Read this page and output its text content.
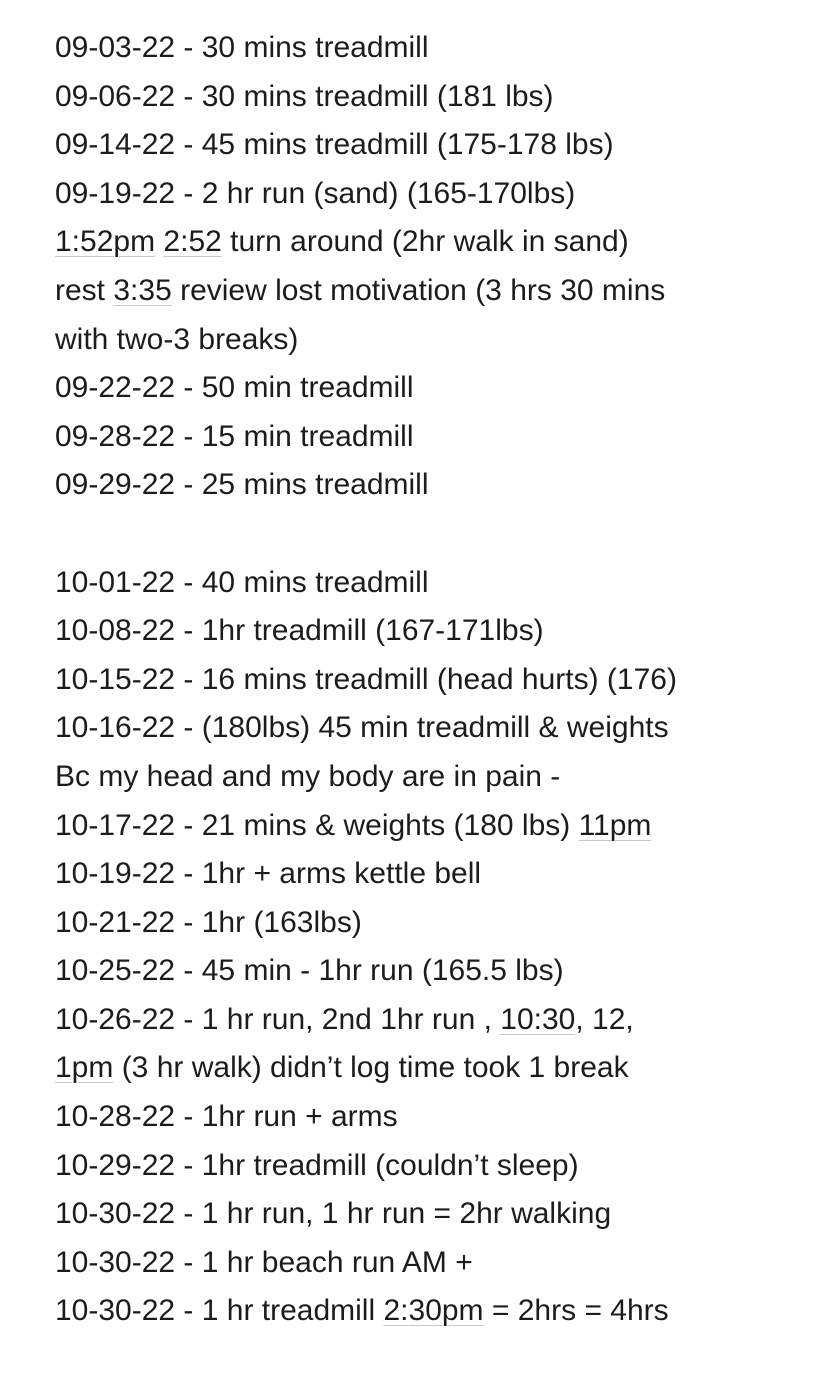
09-03-22 - 30 mins treadmill
09-06-22 - 30 mins treadmill (181 lbs)
09-14-22 - 45 mins treadmill (175-178 lbs)
09-19-22 - 2 hr run (sand) (165-170lbs)
1:52pm 2:52 turn around (2hr walk in sand)
rest 3:35 review lost motivation (3 hrs 30 mins
with two-3 breaks)
09-22-22 - 50 min treadmill
09-28-22 - 15 min treadmill
09-29-22 - 25 mins treadmill
10-01-22 - 40 mins treadmill
10-08-22 - 1hr treadmill (167-171lbs)
10-15-22 - 16 mins treadmill (head hurts) (176)
10-16-22 - (180lbs) 45 min treadmill & weights
Bc my head and my body are in pain -
10-17-22 - 21 mins & weights (180 lbs) 11pm
10-19-22 - 1hr + arms kettle bell
10-21-22 - 1hr (163lbs)
10-25-22 - 45 min - 1hr run (165.5 lbs)
10-26-22 - 1 hr run, 2nd 1hr run , 10:30, 12,
1pm (3 hr walk) didn’t log time took 1 break
10-28-22 - 1hr run + arms
10-29-22 - 1hr treadmill (couldn’t sleep)
10-30-22 - 1 hr run, 1 hr run = 2hr walking
10-30-22 - 1 hr beach run AM +
10-30-22 - 1 hr treadmill 2:30pm = 2hrs = 4hrs
